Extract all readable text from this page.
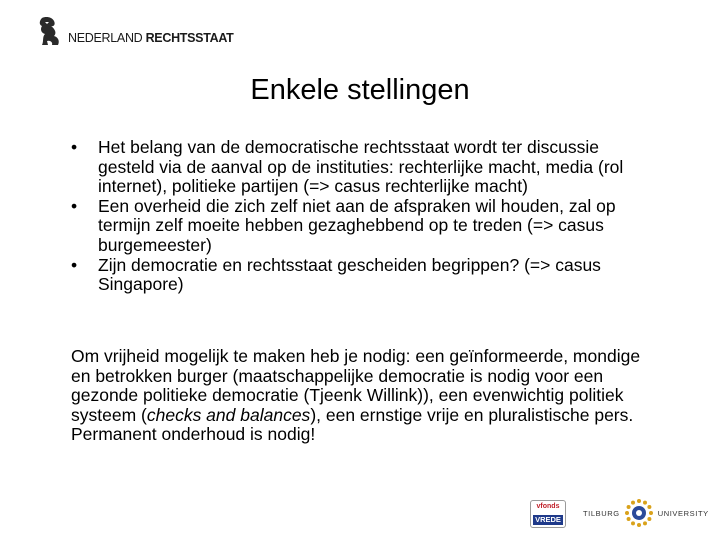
NEDERLAND RECHTSSTAAT
Enkele stellingen
• Het belang van de democratische rechtsstaat wordt ter discussie gesteld via de aanval op de instituties: rechterlijke macht, media (rol internet), politieke partijen (=> casus rechterlijke macht)
• Een overheid die zich zelf niet aan de afspraken wil houden, zal op termijn zelf moeite hebben gezaghebbend op te treden (=> casus burgemeester)
• Zijn democratie en rechtsstaat gescheiden begrippen? (=> casus Singapore)

Om vrijheid mogelijk te maken heb je nodig: een geïnformeerde, mondige en betrokken burger (maatschappelijke democratie is nodig voor een gezonde politieke democratie (Tjeenk Willink)), een evenwichtig politiek systeem (checks and balances), een ernstige vrije en pluralistische pers. Permanent onderhoud is nodig!

vfonds
VREDE
TILBURG	UNIVERSITY
